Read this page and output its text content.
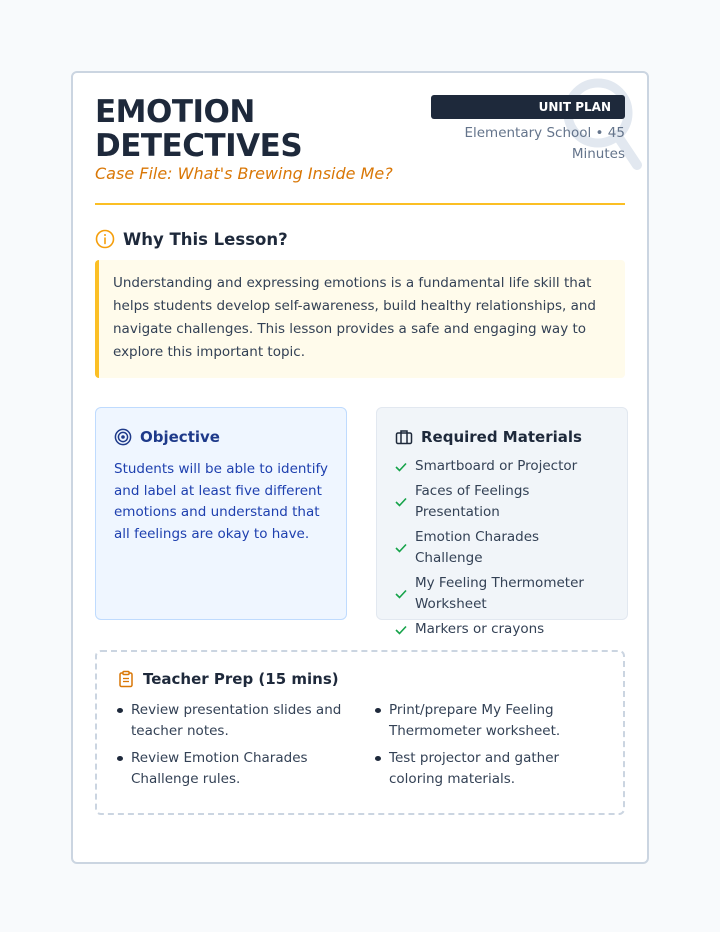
EMOTION
DETECTIVES
Case File: What's Brewing Inside Me?
UNIT PLAN
Elementary School • 45 Minutes
Why This Lesson?

Understanding and expressing emotions is a fundamental life skill that helps students develop self-awareness, build healthy relationships, and navigate challenges. This lesson provides a safe and engaging way to explore this important topic.

Objective

Students will be able to identify and label at least five different emotions and understand that all feelings are okay to have.

Required Materials
Smartboard or Projector
Faces of Feelings Presentation
Emotion Charades Challenge
My Feeling Thermometer Worksheet
Markers or crayons
Teacher Prep (15 mins)
Review presentation slides and teacher notes.
Print/prepare My Feeling Thermometer worksheet.
Review Emotion Charades Challenge rules.
Test projector and gather coloring materials.
